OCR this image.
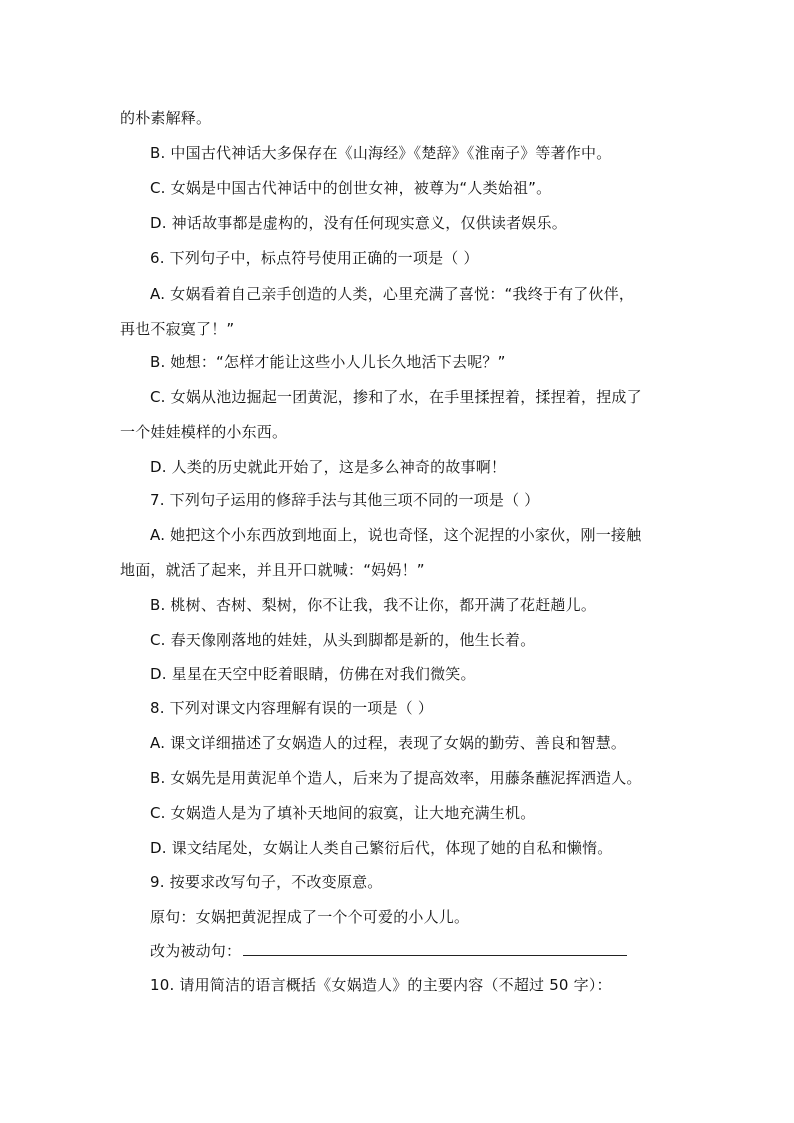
的朴素解释。
B. 中国古代神话大多保存在《山海经》《楚辞》《淮南子》等著作中。
C. 女娲是中国古代神话中的创世女神，被尊为“人类始祖”。
D. 神话故事都是虚构的，没有任何现实意义，仅供读者娱乐。
6. 下列句子中，标点符号使用正确的一项是（ ）
A. 女娲看着自己亲手创造的人类，心里充满了喜悦：“我终于有了伙伴，
再也不寂寞了！”
B. 她想：“怎样才能让这些小人儿长久地活下去呢？”
C. 女娲从池边掘起一团黄泥，掺和了水，在手里揉捏着，揉捏着，捏成了
一个娃娃模样的小东西。
D. 人类的历史就此开始了，这是多么神奇的故事啊！
7. 下列句子运用的修辞手法与其他三项不同的一项是（ ）
A. 她把这个小东西放到地面上，说也奇怪，这个泥捏的小家伙，刚一接触
地面，就活了起来，并且开口就喊：“妈妈！”
B. 桃树、杏树、梨树，你不让我，我不让你，都开满了花赶趟儿。
C. 春天像刚落地的娃娃，从头到脚都是新的，他生长着。
D. 星星在天空中眨着眼睛，仿佛在对我们微笑。
8. 下列对课文内容理解有误的一项是（ ）
A. 课文详细描述了女娲造人的过程，表现了女娲的勤劳、善良和智慧。
B. 女娲先是用黄泥单个造人，后来为了提高效率，用藤条蘸泥挥洒造人。
C. 女娲造人是为了填补天地间的寂寞，让大地充满生机。
D. 课文结尾处，女娲让人类自己繁衍后代，体现了她的自私和懒惰。
9. 按要求改写句子，不改变原意。
原句：女娲把黄泥捏成了一个个可爱的小人儿。
改为被动句：
10. 请用简洁的语言概括《女娲造人》的主要内容（不超过 50 字）：
